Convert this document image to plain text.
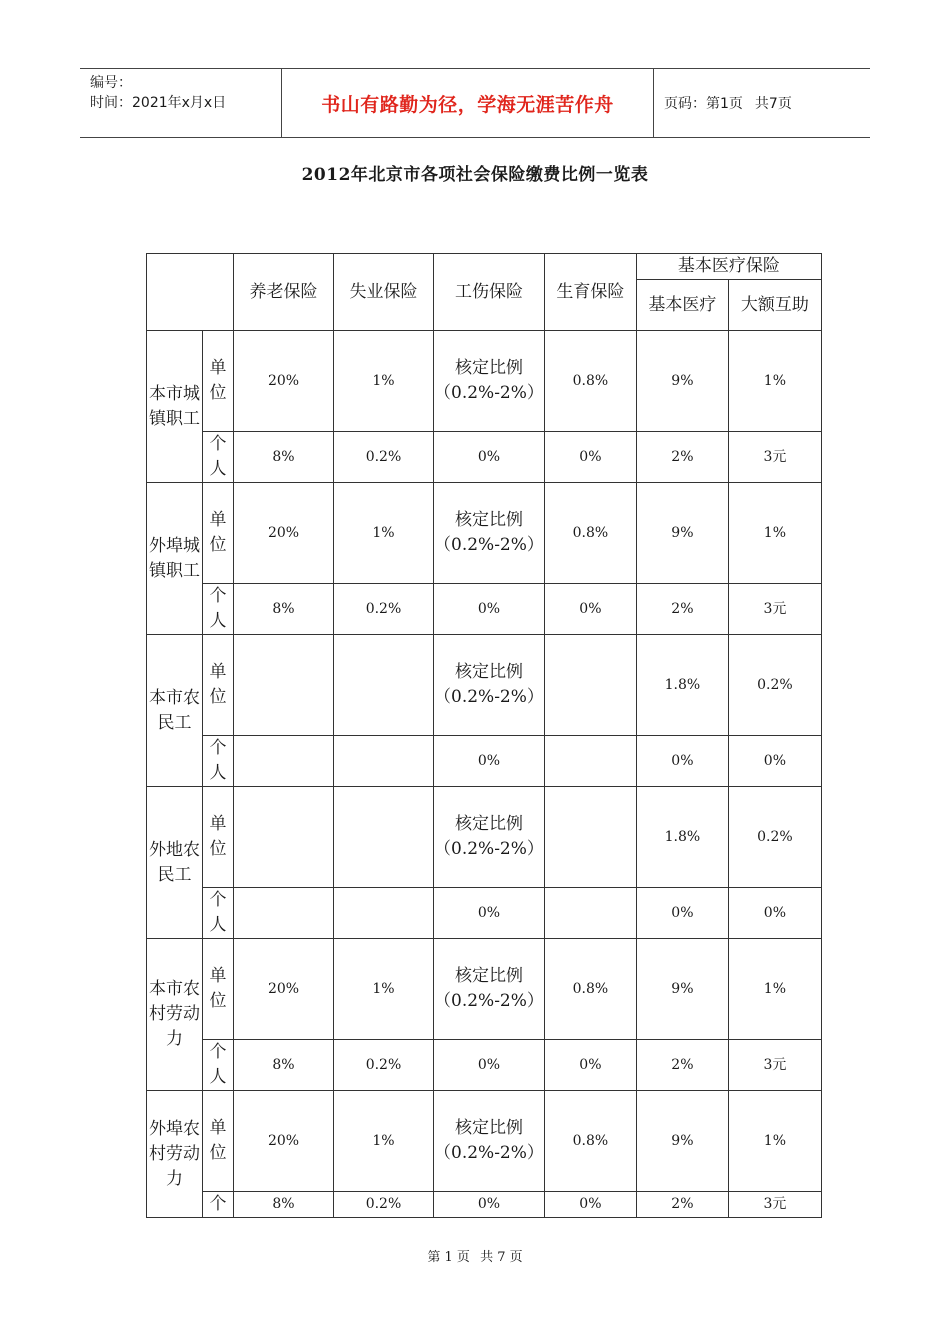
编号：
时间：2021年x月x日	书山有路勤为径，学海无涯苦作舟	页码：第1页 共7页
2012年北京市各项社会保险缴费比例一览表
		养老保险	失业保险	工伤保险	生育保险	基本医疗保险	
						基本医疗	大额互助
本市城镇职工	单位	20%	1%	核定比例（0.2%-2%）	0.8%	9%	1%
	个人	8%	0.2%	0%	0%	2%	3元
外埠城镇职工	单位	20%	1%	核定比例（0.2%-2%）	0.8%	9%	1%
	个人	8%	0.2%	0%	0%	2%	3元
本市农民工	单位			核定比例（0.2%-2%）		1.8%	0.2%
	个人			0%		0%	0%
外地农民工	单位			核定比例（0.2%-2%）		1.8%	0.2%
	个人			0%		0%	0%
本市农村劳动力	单位	20%	1%	核定比例（0.2%-2%）	0.8%	9%	1%
	个人	8%	0.2%	0%	0%	2%	3元
外埠农村劳动力	单位	20%	1%	核定比例（0.2%-2%）	0.8%	9%	1%
	个	8%	0.2%	0%	0%	2%	3元
第 1 页 共 7 页
